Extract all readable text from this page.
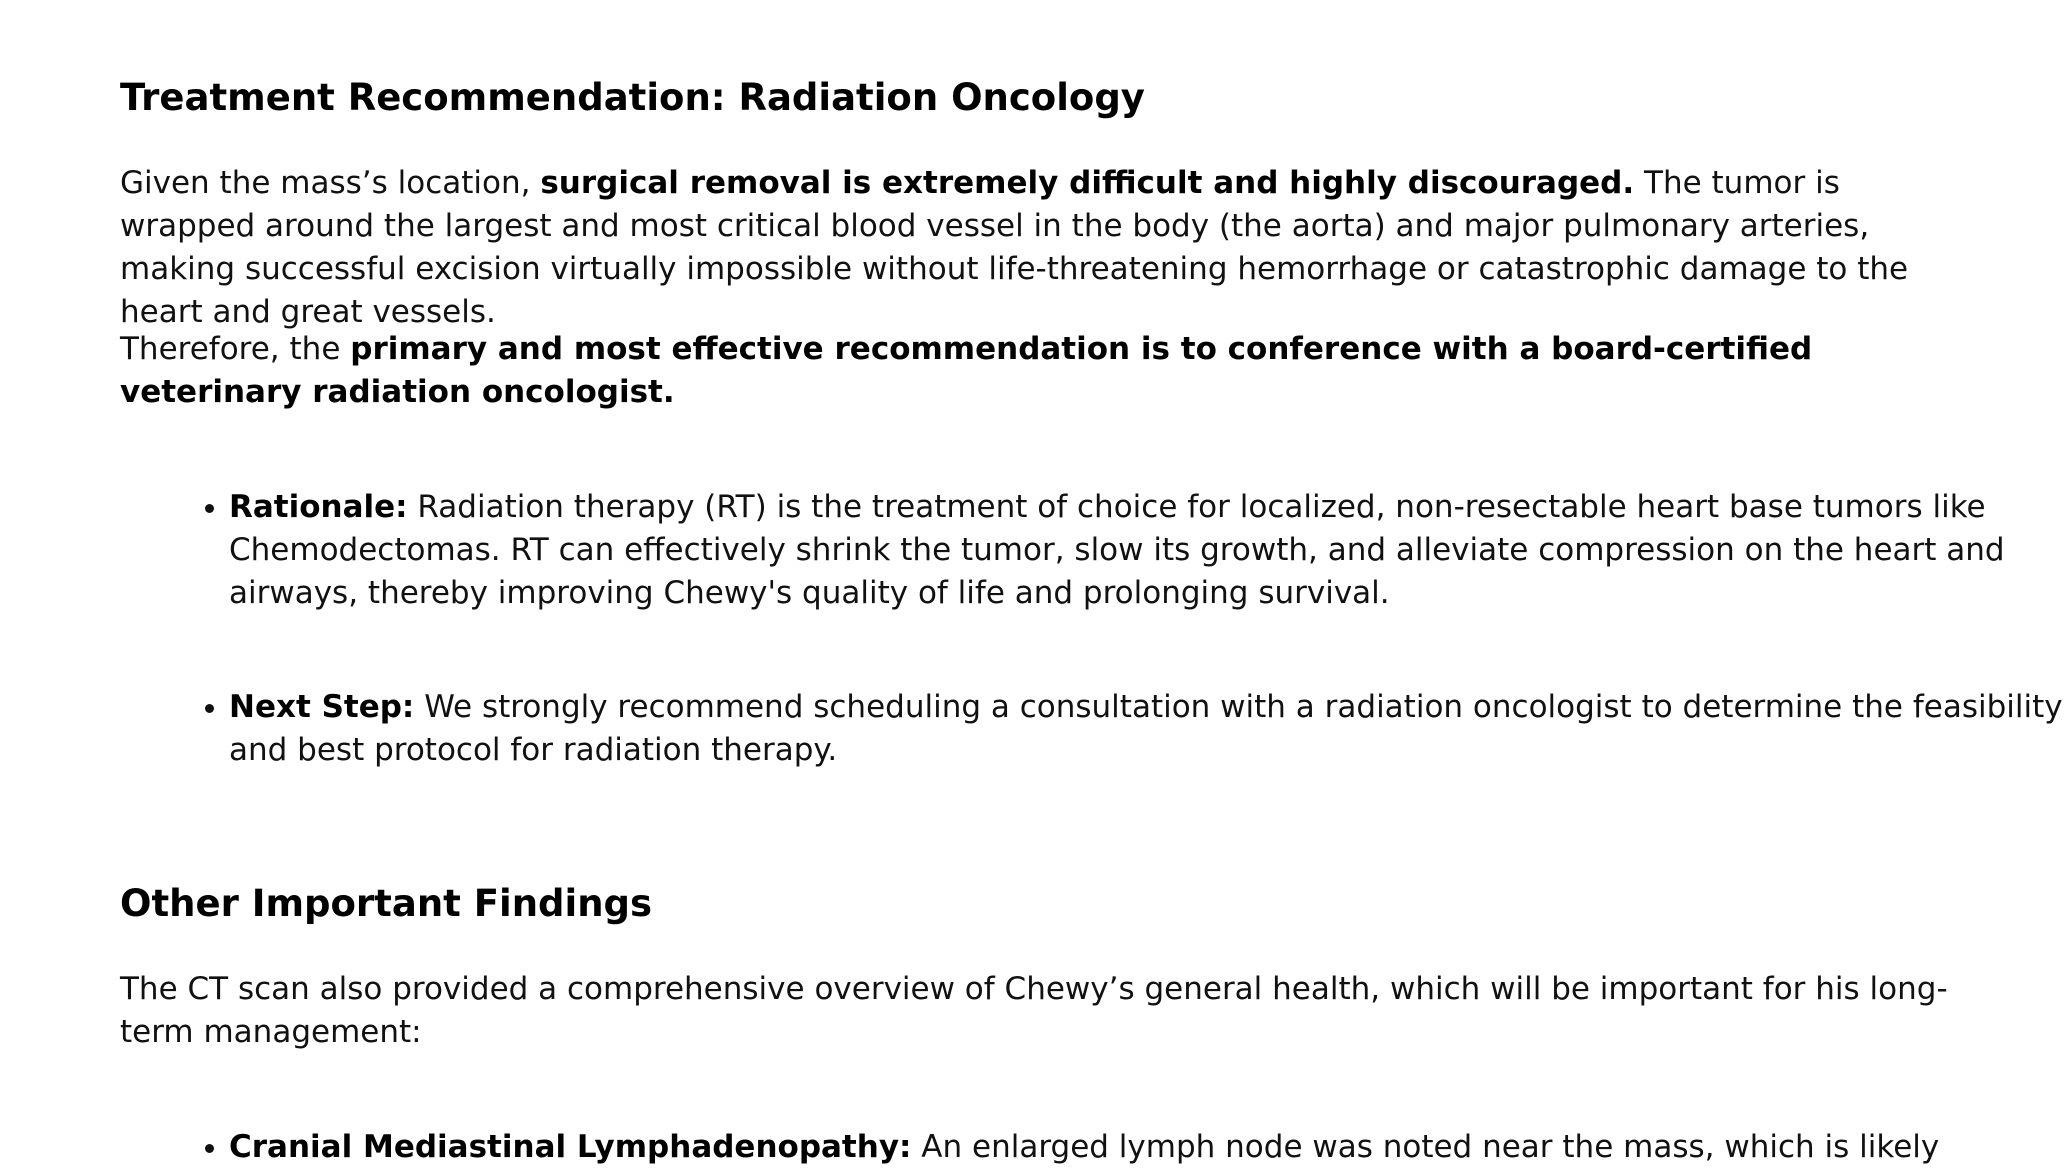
Treatment Recommendation: Radiation Oncology

Given the mass’s location, surgical removal is extremely difficult and highly discouraged. The tumor is wrapped around the largest and most critical blood vessel in the body (the aorta) and major pulmonary arteries, making successful excision virtually impossible without life-threatening hemorrhage or catastrophic damage to the heart and great vessels.

Therefore, the primary and most effective recommendation is to conference with a board-certified veterinary radiation oncologist.

• Rationale: Radiation therapy (RT) is the treatment of choice for localized, non-resectable heart base tumors like Chemodectomas. RT can effectively shrink the tumor, slow its growth, and alleviate compression on the heart and airways, thereby improving Chewy's quality of life and prolonging survival.
• Next Step: We strongly recommend scheduling a consultation with a radiation oncologist to determine the feasibility and best protocol for radiation therapy.
Other Important Findings

The CT scan also provided a comprehensive overview of Chewy’s general health, which will be important for his long-term management:

• Cranial Mediastinal Lymphadenopathy: An enlarged lymph node was noted near the mass, which is likely
